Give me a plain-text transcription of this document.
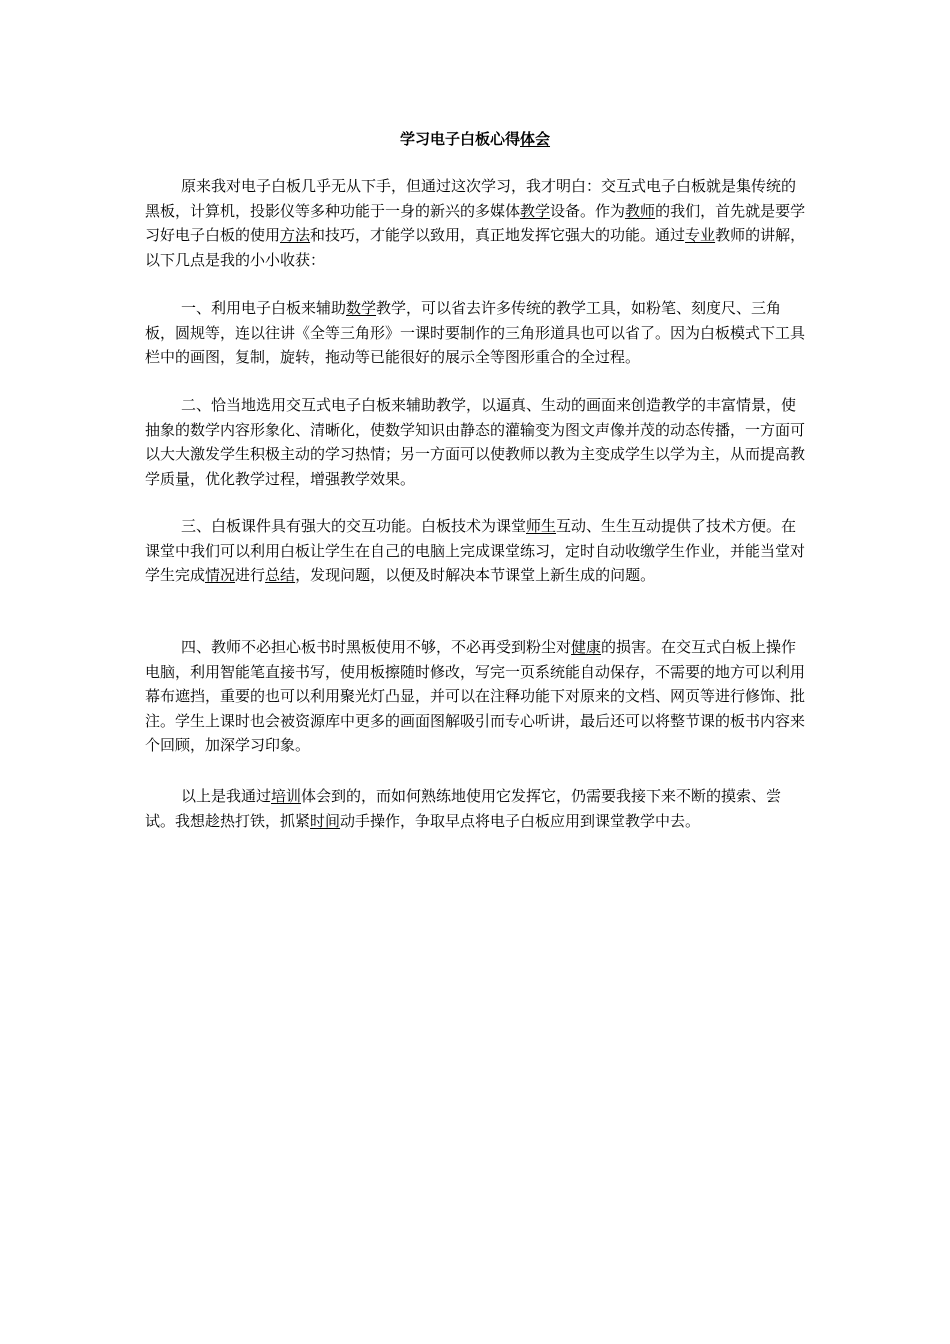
学习电子白板心得体会

原来我对电子白板几乎无从下手，但通过这次学习，我才明白：交互式电子白板就是集传统的黑板，计算机，投影仪等多种功能于一身的新兴的多媒体教学设备。作为教师的我们，首先就是要学习好电子白板的使用方法和技巧，才能学以致用，真正地发挥它强大的功能。通过专业教师的讲解，以下几点是我的小小收获：

一、利用电子白板来辅助数学教学，可以省去许多传统的教学工具，如粉笔、刻度尺、三角板，圆规等，连以往讲《全等三角形》一课时要制作的三角形道具也可以省了。因为白板模式下工具栏中的画图，复制，旋转，拖动等已能很好的展示全等图形重合的全过程。

二、恰当地选用交互式电子白板来辅助教学，以逼真、生动的画面来创造教学的丰富情景，使抽象的数学内容形象化、清晰化，使数学知识由静态的灌输变为图文声像并茂的动态传播，一方面可以大大激发学生积极主动的学习热情；另一方面可以使教师以教为主变成学生以学为主，从而提高教学质量，优化教学过程，增强教学效果。

三、白板课件具有强大的交互功能。白板技术为课堂师生互动、生生互动提供了技术方便。在课堂中我们可以利用白板让学生在自己的电脑上完成课堂练习，定时自动收缴学生作业，并能当堂对学生完成情况进行总结，发现问题，以便及时解决本节课堂上新生成的问题。

四、教师不必担心板书时黑板使用不够，不必再受到粉尘对健康的损害。在交互式白板上操作电脑，利用智能笔直接书写，使用板擦随时修改，写完一页系统能自动保存，不需要的地方可以利用幕布遮挡，重要的也可以利用聚光灯凸显，并可以在注释功能下对原来的文档、网页等进行修饰、批注。学生上课时也会被资源库中更多的画面图解吸引而专心听讲，最后还可以将整节课的板书内容来个回顾，加深学习印象。

以上是我通过培训体会到的，而如何熟练地使用它发挥它，仍需要我接下来不断的摸索、尝试。我想趁热打铁，抓紧时间动手操作，争取早点将电子白板应用到课堂教学中去。
